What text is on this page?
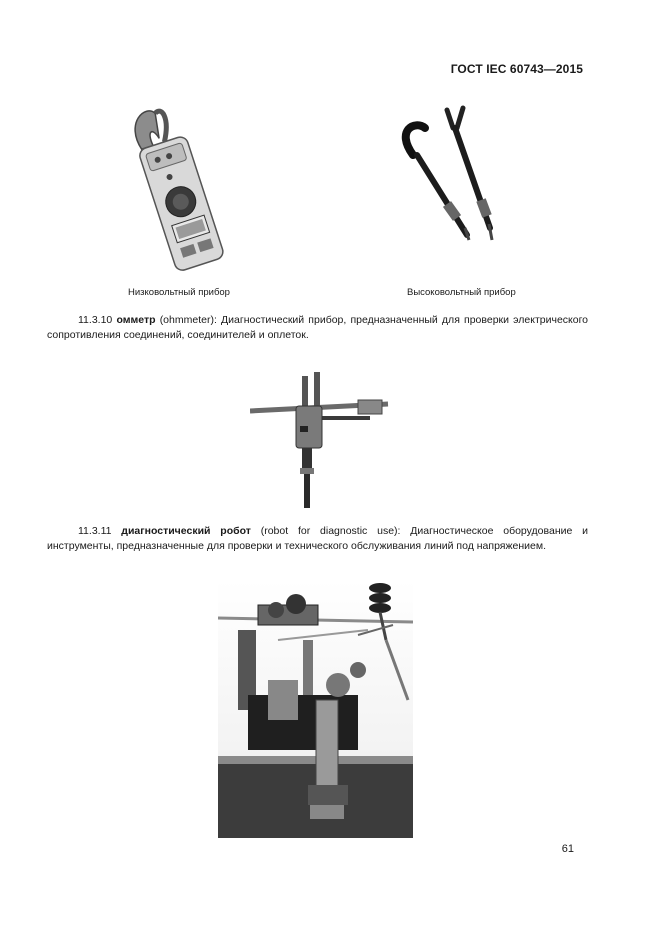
ГОСТ IEC 60743—2015
Низковольтный прибор	Высоковольтный прибор
11.3.10 омметр (ohmmeter): Диагностический прибор, предназначенный для проверки электрического сопротивления соединений, соединителей и оплеток.
11.3.11 диагностический робот (robot for diagnostic use): Диагностическое оборудование и инструменты, предназначенные для проверки и технического обслуживания линий под напряжением.
61
